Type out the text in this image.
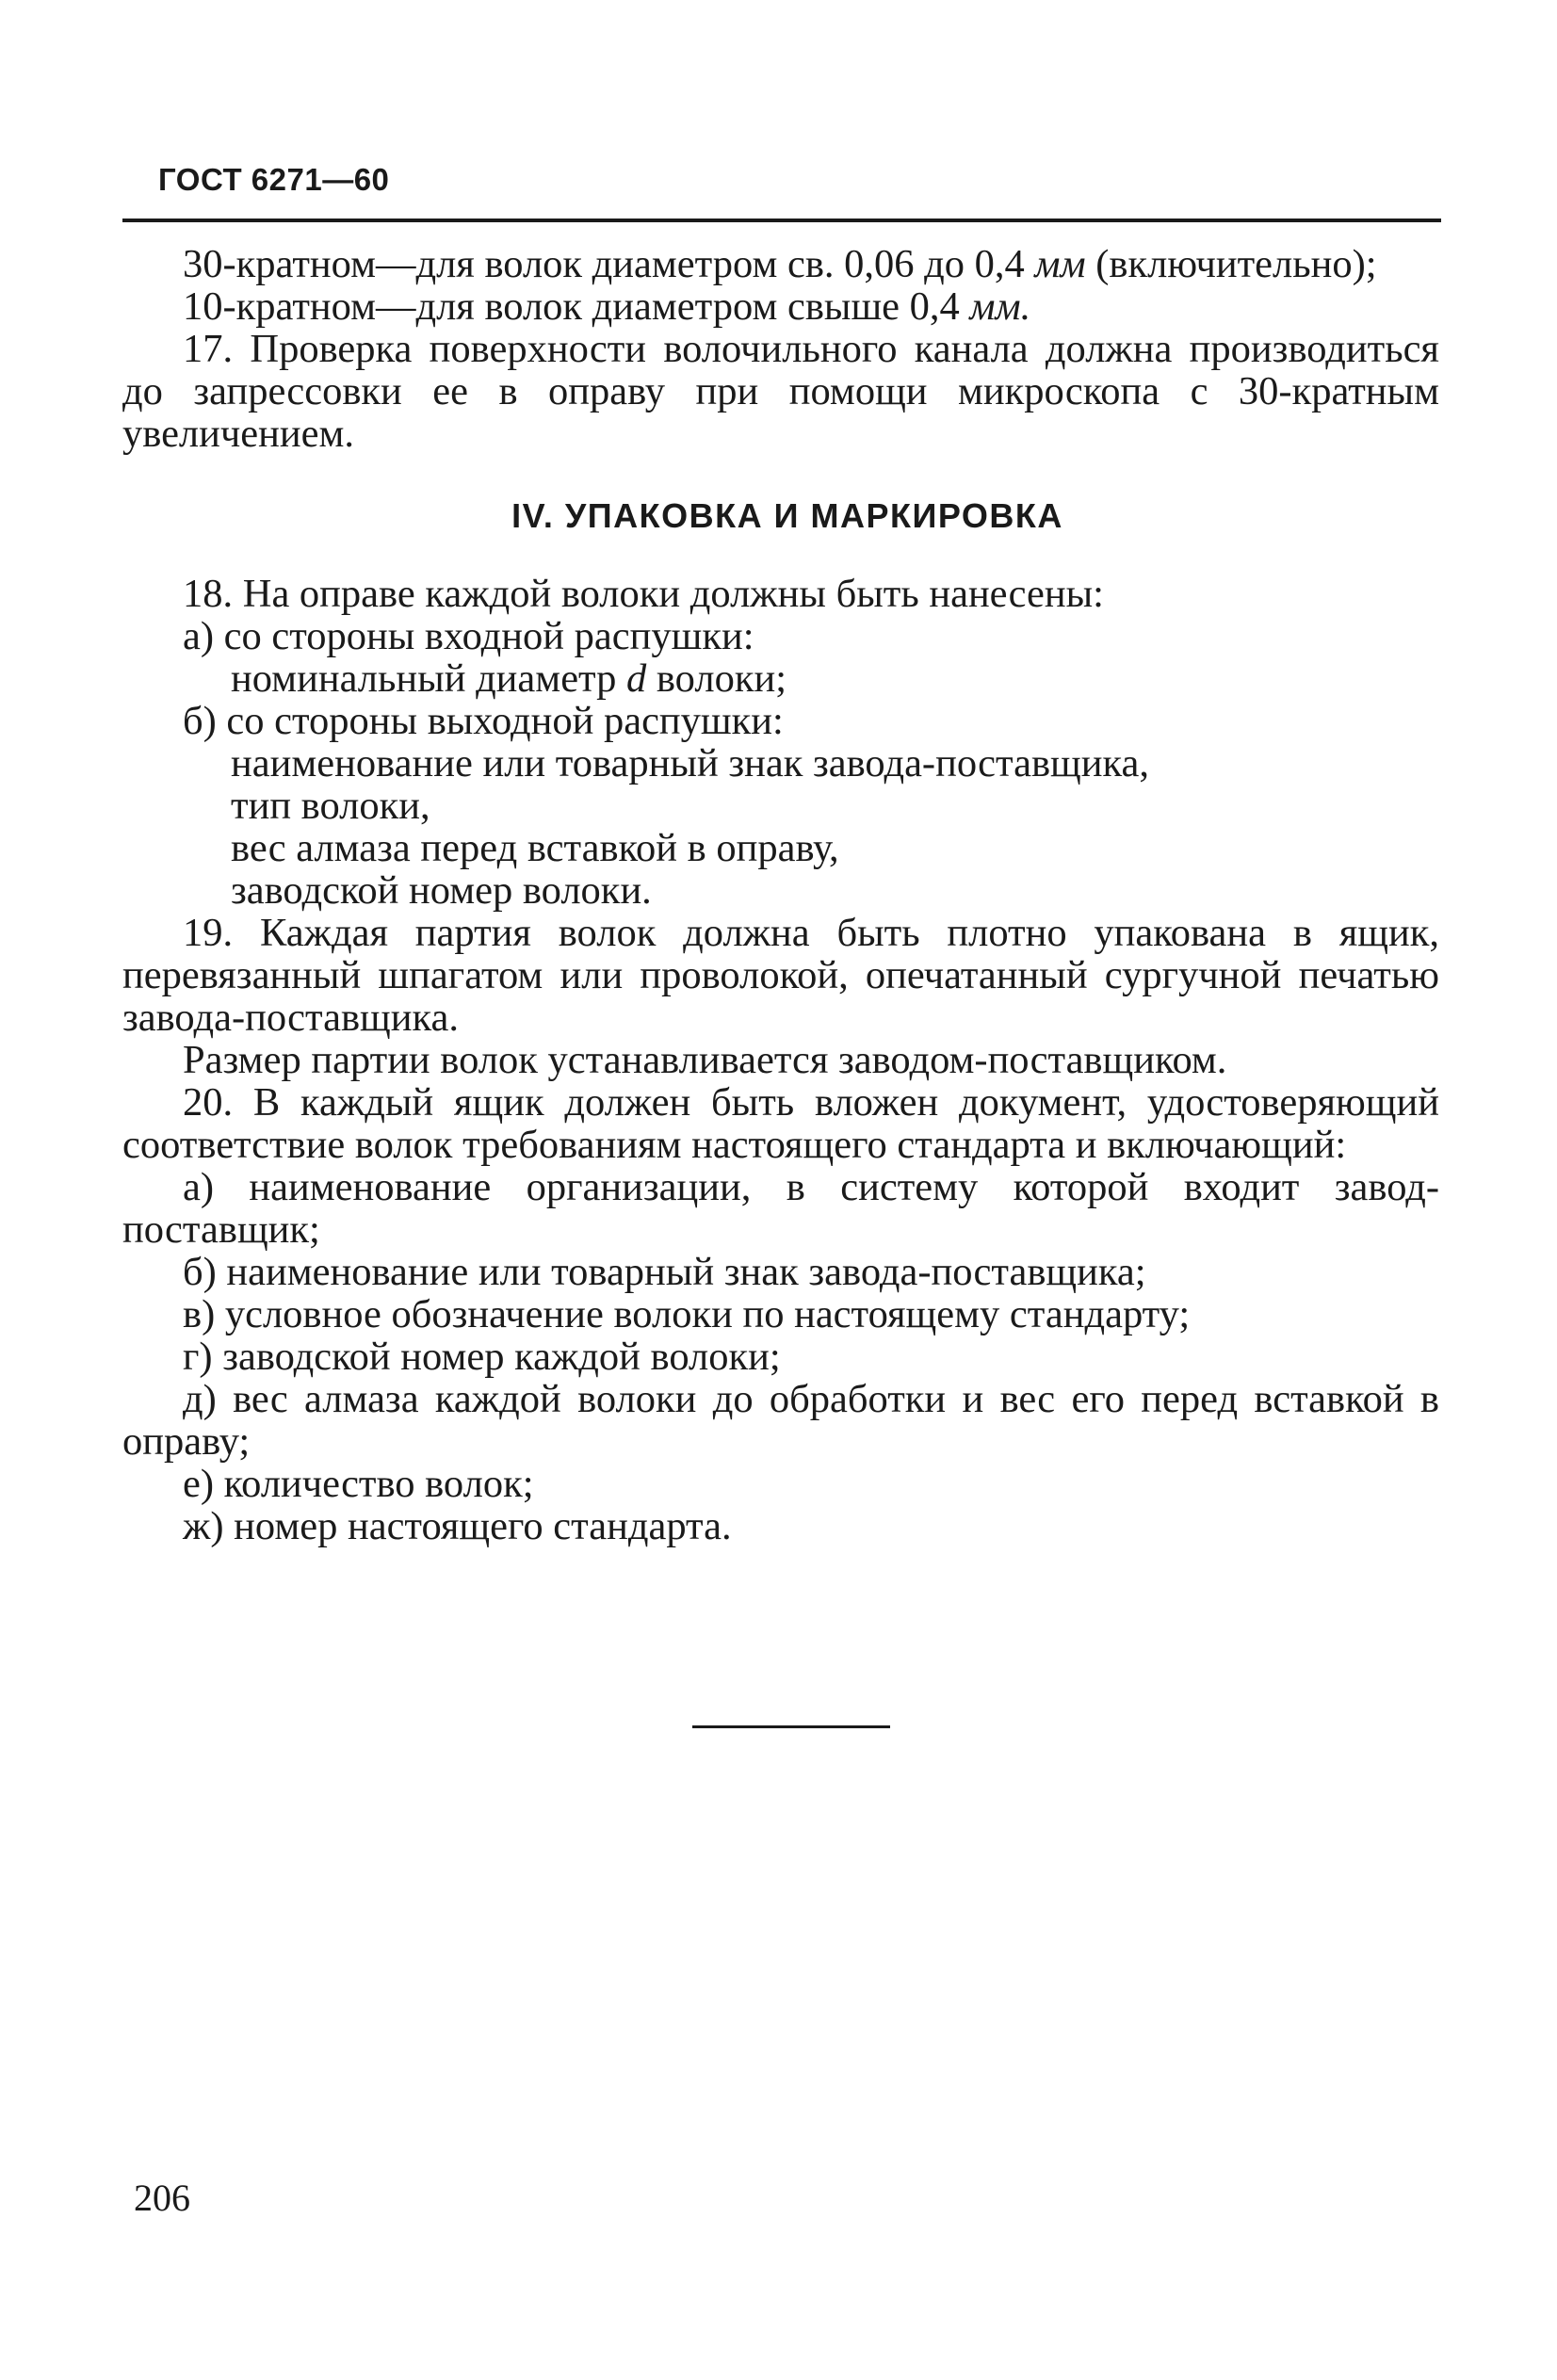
ГОСТ 6271—60

30-кратном—для волок диаметром св. 0,06 до 0,4 мм (включительно);

10-кратном—для волок диаметром свыше 0,4 мм.

17. Проверка поверхности волочильного канала должна производиться до запрессовки ее в оправу при помощи микроскопа с 30-кратным увеличением.

IV. УПАКОВКА И МАРКИРОВКА

18. На оправе каждой волоки должны быть нанесены:

а) со стороны входной распушки:

номинальный диаметр d волоки;

б) со стороны выходной распушки:

наименование или товарный знак завода-поставщика,

тип волоки,

вес алмаза перед вставкой в оправу,

заводской номер волоки.

19. Каждая партия волок должна быть плотно упакована в ящик, перевязанный шпагатом или проволокой, опечатанный сургучной печатью завода-поставщика.

Размер партии волок устанавливается заводом-поставщиком.

20. В каждый ящик должен быть вложен документ, удостоверяющий соответствие волок требованиям настоящего стандарта и включающий:

а) наименование организации, в систему которой входит завод-поставщик;

б) наименование или товарный знак завода-поставщика;

в) условное обозначение волоки по настоящему стандарту;

г) заводской номер каждой волоки;

д) вес алмаза каждой волоки до обработки и вес его перед вставкой в оправу;

е) количество волок;

ж) номер настоящего стандарта.

206
